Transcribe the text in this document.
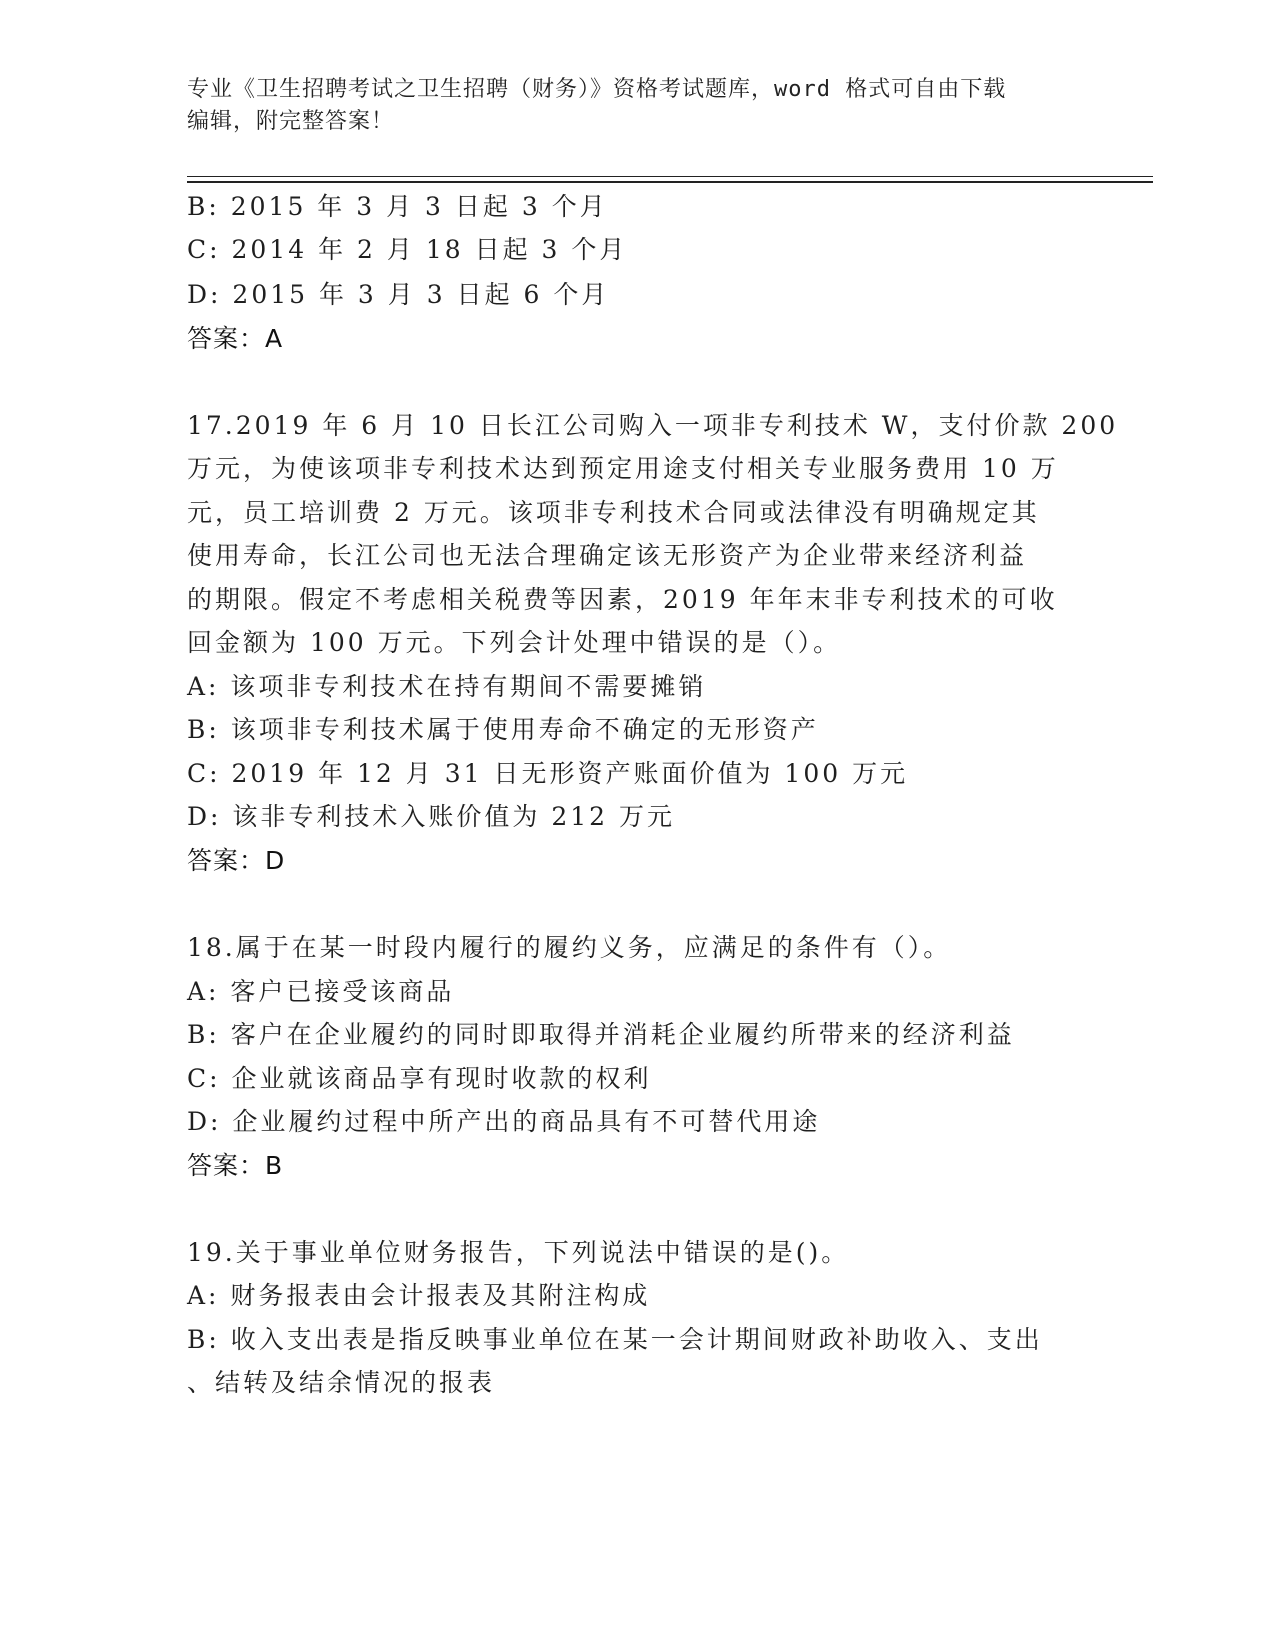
专业《卫生招聘考试之卫生招聘（财务）》资格考试题库，word 格式可自由下载

编辑，附完整答案！

B: 2015 年 3 月 3 日起 3 个月
C: 2014 年 2 月 18 日起 3 个月
D: 2015 年 3 月 3 日起 6 个月
答案：A
17.2019 年 6 月 10 日长江公司购入一项非专利技术 W，支付价款 200
万元，为使该项非专利技术达到预定用途支付相关专业服务费用 10 万
元，员工培训费 2 万元。该项非专利技术合同或法律没有明确规定其
使用寿命，长江公司也无法合理确定该无形资产为企业带来经济利益
的期限。假定不考虑相关税费等因素，2019 年年末非专利技术的可收
回金额为 100 万元。下列会计处理中错误的是（）。
A: 该项非专利技术在持有期间不需要摊销
B: 该项非专利技术属于使用寿命不确定的无形资产
C: 2019 年 12 月 31 日无形资产账面价值为 100 万元
D: 该非专利技术入账价值为 212 万元
答案：D
18.属于在某一时段内履行的履约义务，应满足的条件有（）。
A: 客户已接受该商品
B: 客户在企业履约的同时即取得并消耗企业履约所带来的经济利益
C: 企业就该商品享有现时收款的权利
D: 企业履约过程中所产出的商品具有不可替代用途
答案：B
19.关于事业单位财务报告，下列说法中错误的是()。
A: 财务报表由会计报表及其附注构成
B: 收入支出表是指反映事业单位在某一会计期间财政补助收入、支出
、结转及结余情况的报表
